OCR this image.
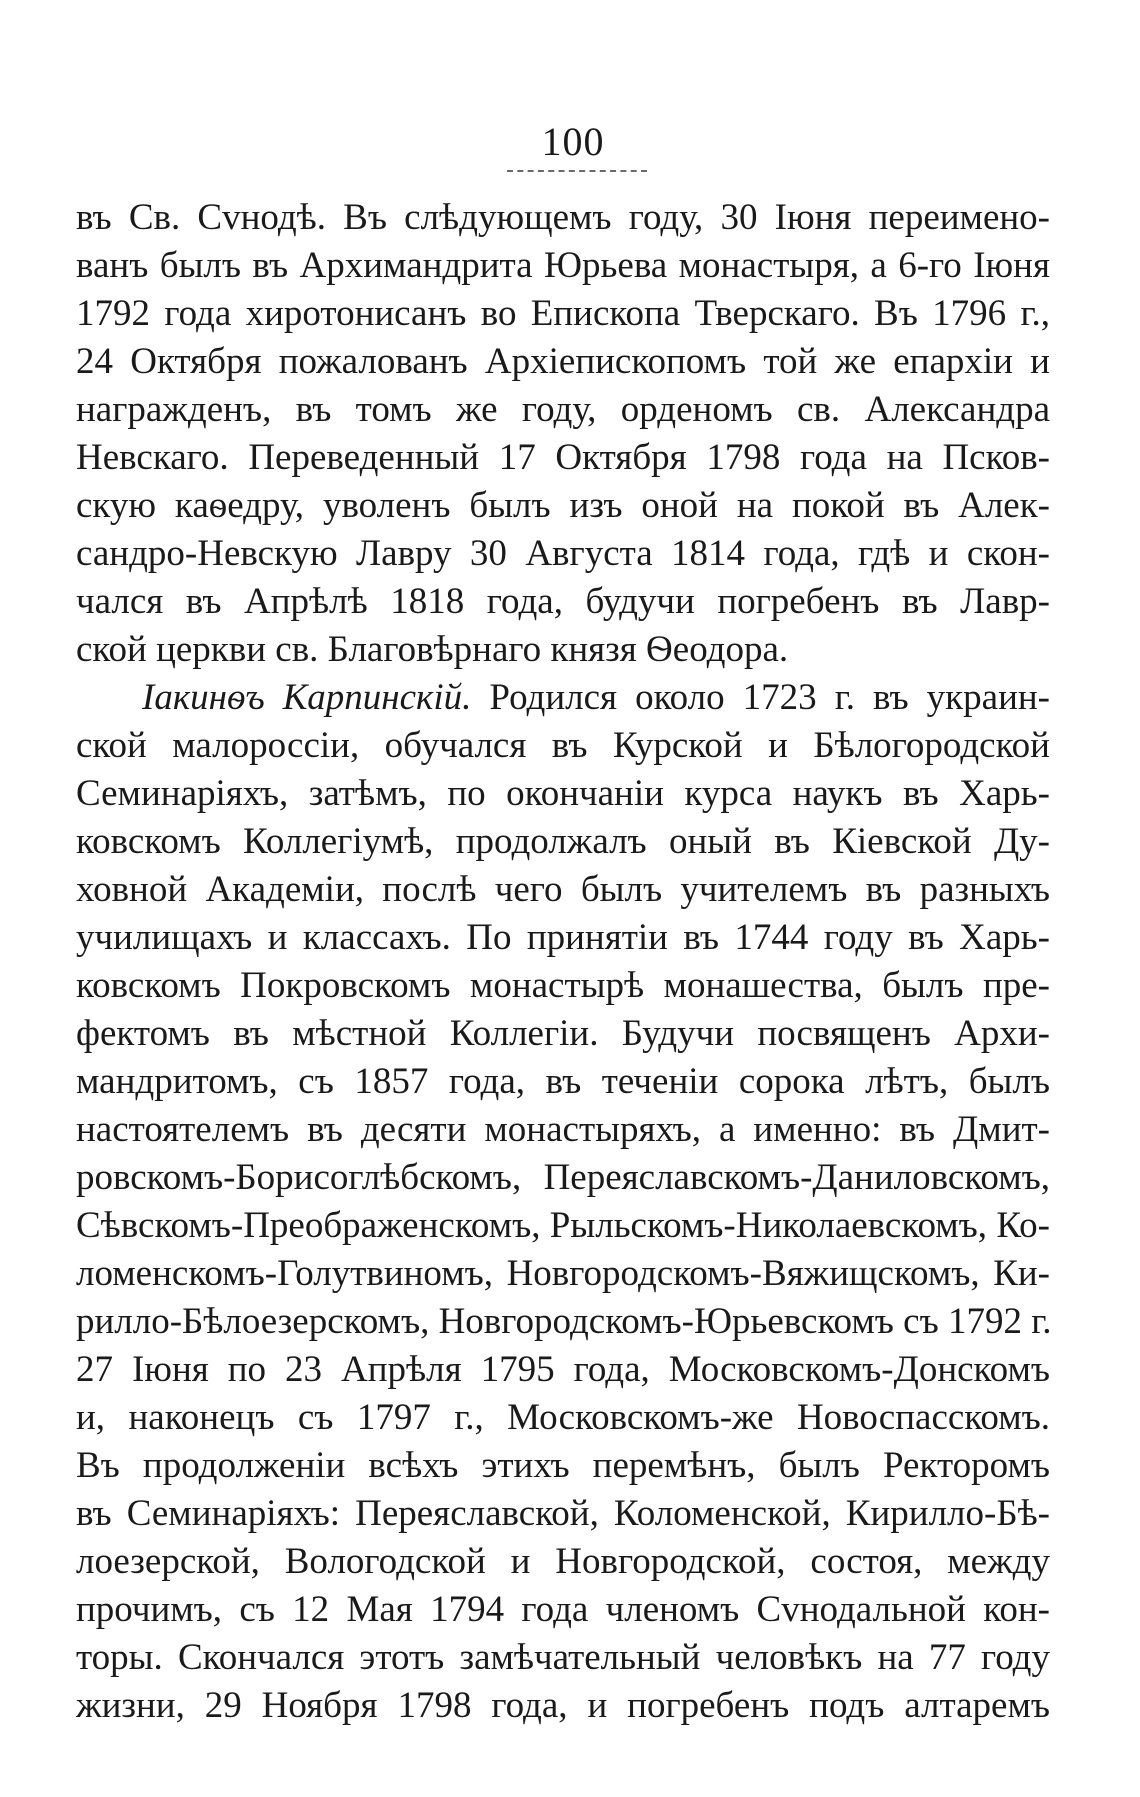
100
въ Св. Сvнодѣ. Въ слѣдующемъ году, 30 Іюня переимено-
ванъ былъ въ Архимандрита Юрьева монастыря, а 6-го Іюня
1792 года хиротонисанъ во Епископа Тверскаго. Въ 1796 г.,
24 Октября пожалованъ Архіепископомъ той же епархіи и
награжденъ, въ томъ же году, орденомъ св. Александра
Невскаго. Переведенный 17 Октября 1798 года на Псков-
скую каѳедру, уволенъ былъ изъ оной на покой въ Алек-
сандро-Невскую Лавру 30 Августа 1814 года, гдѣ и скон-
чался въ Апрѣлѣ 1818 года, будучи погребенъ въ Лавр-
ской церкви св. Благовѣрнаго князя Ѳеодора.
Іакинѳъ Карпинскій. Родился около 1723 г. въ украин-
ской малороссіи, обучался въ Курской и Бѣлогородской
Семинаріяхъ, затѣмъ, по окончаніи курса наукъ въ Харь-
ковскомъ Коллегіумѣ, продолжалъ оный въ Кіевской Ду-
ховной Академіи, послѣ чего былъ учителемъ въ разныхъ
училищахъ и классахъ. По принятіи въ 1744 году въ Харь-
ковскомъ Покровскомъ монастырѣ монашества, былъ пре-
фектомъ въ мѣстной Коллегіи. Будучи посвященъ Архи-
мандритомъ, съ 1857 года, въ теченіи сорока лѣтъ, былъ
настоятелемъ въ десяти монастыряхъ, а именно: въ Дмит-
ровскомъ-Борисоглѣбскомъ, Переяславскомъ-Даниловскомъ,
Сѣвскомъ-Преображенскомъ, Рыльскомъ-Николаевскомъ, Ко-
ломенскомъ-Голутвиномъ, Новгородскомъ-Вяжищскомъ, Ки-
рилло-Бѣлоезерскомъ, Новгородскомъ-Юрьевскомъ съ 1792 г.
27 Іюня по 23 Апрѣля 1795 года, Московскомъ-Донскомъ
и, наконецъ съ 1797 г., Московскомъ-же Новоспасскомъ.
Въ продолженіи всѣхъ этихъ перемѣнъ, былъ Ректоромъ
въ Семинаріяхъ: Переяславской, Коломенской, Кирилло-Бѣ-
лоезерской, Вологодской и Новгородской, состоя, между
прочимъ, съ 12 Мая 1794 года членомъ Сvнодальной кон-
торы. Скончался этотъ замѣчательный человѣкъ на 77 году
жизни, 29 Ноября 1798 года, и погребенъ подъ алтаремъ
